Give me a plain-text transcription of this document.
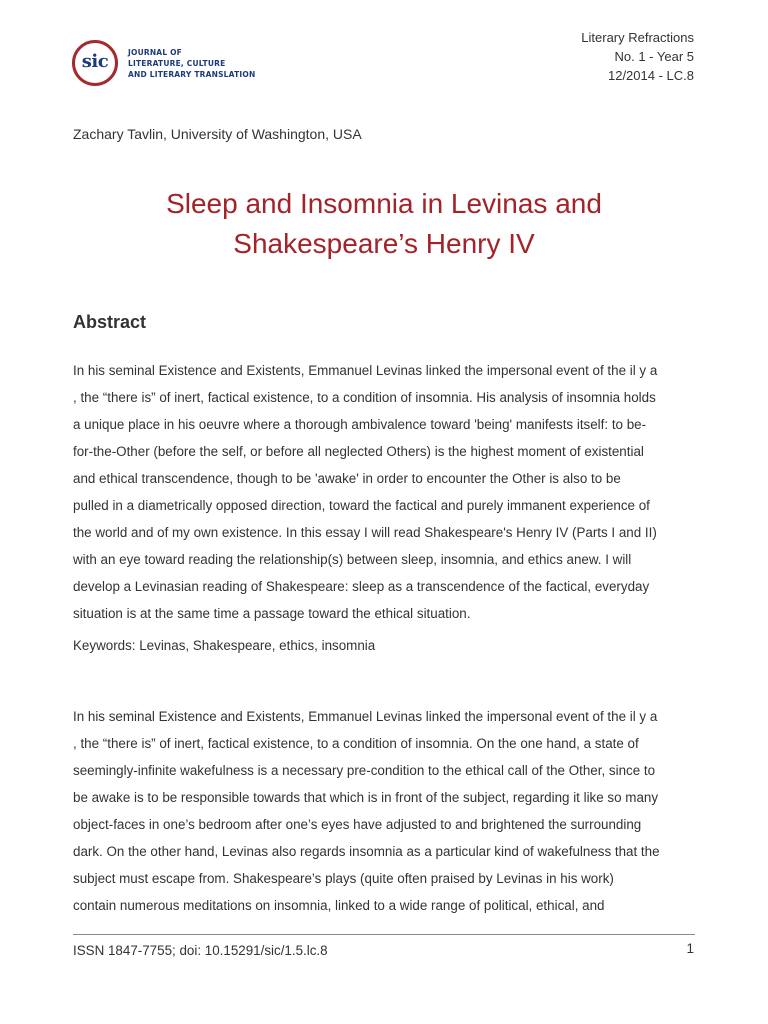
sic	JOURNAL OF
LITERATURE, CULTURE
AND LITERARY TRANSLATION
Literary Refractions
No. 1 - Year 5
12/2014 - LC.8
Zachary Tavlin, University of Washington, USA
Sleep and Insomnia in Levinas and
Shakespeare’s Henry IV
Abstract
In his seminal Existence and Existents, Emmanuel Levinas linked the impersonal event of the il y a
, the “there is” of inert, factical existence, to a condition of insomnia. His analysis of insomnia holds
a unique place in his oeuvre where a thorough ambivalence toward 'being' manifests itself: to be-
for-the-Other (before the self, or before all neglected Others) is the highest moment of existential
and ethical transcendence, though to be 'awake' in order to encounter the Other is also to be
pulled in a diametrically opposed direction, toward the factical and purely immanent experience of
the world and of my own existence. In this essay I will read Shakespeare's Henry IV (Parts I and II)
with an eye toward reading the relationship(s) between sleep, insomnia, and ethics anew. I will
develop a Levinasian reading of Shakespeare: sleep as a transcendence of the factical, everyday
situation is at the same time a passage toward the ethical situation.
Keywords: Levinas, Shakespeare, ethics, insomnia
In his seminal Existence and Existents, Emmanuel Levinas linked the impersonal event of the il y a
, the “there is” of inert, factical existence, to a condition of insomnia. On the one hand, a state of
seemingly-infinite wakefulness is a necessary pre-condition to the ethical call of the Other, since to
be awake is to be responsible towards that which is in front of the subject, regarding it like so many
object-faces in one’s bedroom after one’s eyes have adjusted to and brightened the surrounding
dark. On the other hand, Levinas also regards insomnia as a particular kind of wakefulness that the
subject must escape from. Shakespeare’s plays (quite often praised by Levinas in his work)
contain numerous meditations on insomnia, linked to a wide range of political, ethical, and
ISSN 1847-7755; doi: 10.15291/sic/1.5.lc.8	1
